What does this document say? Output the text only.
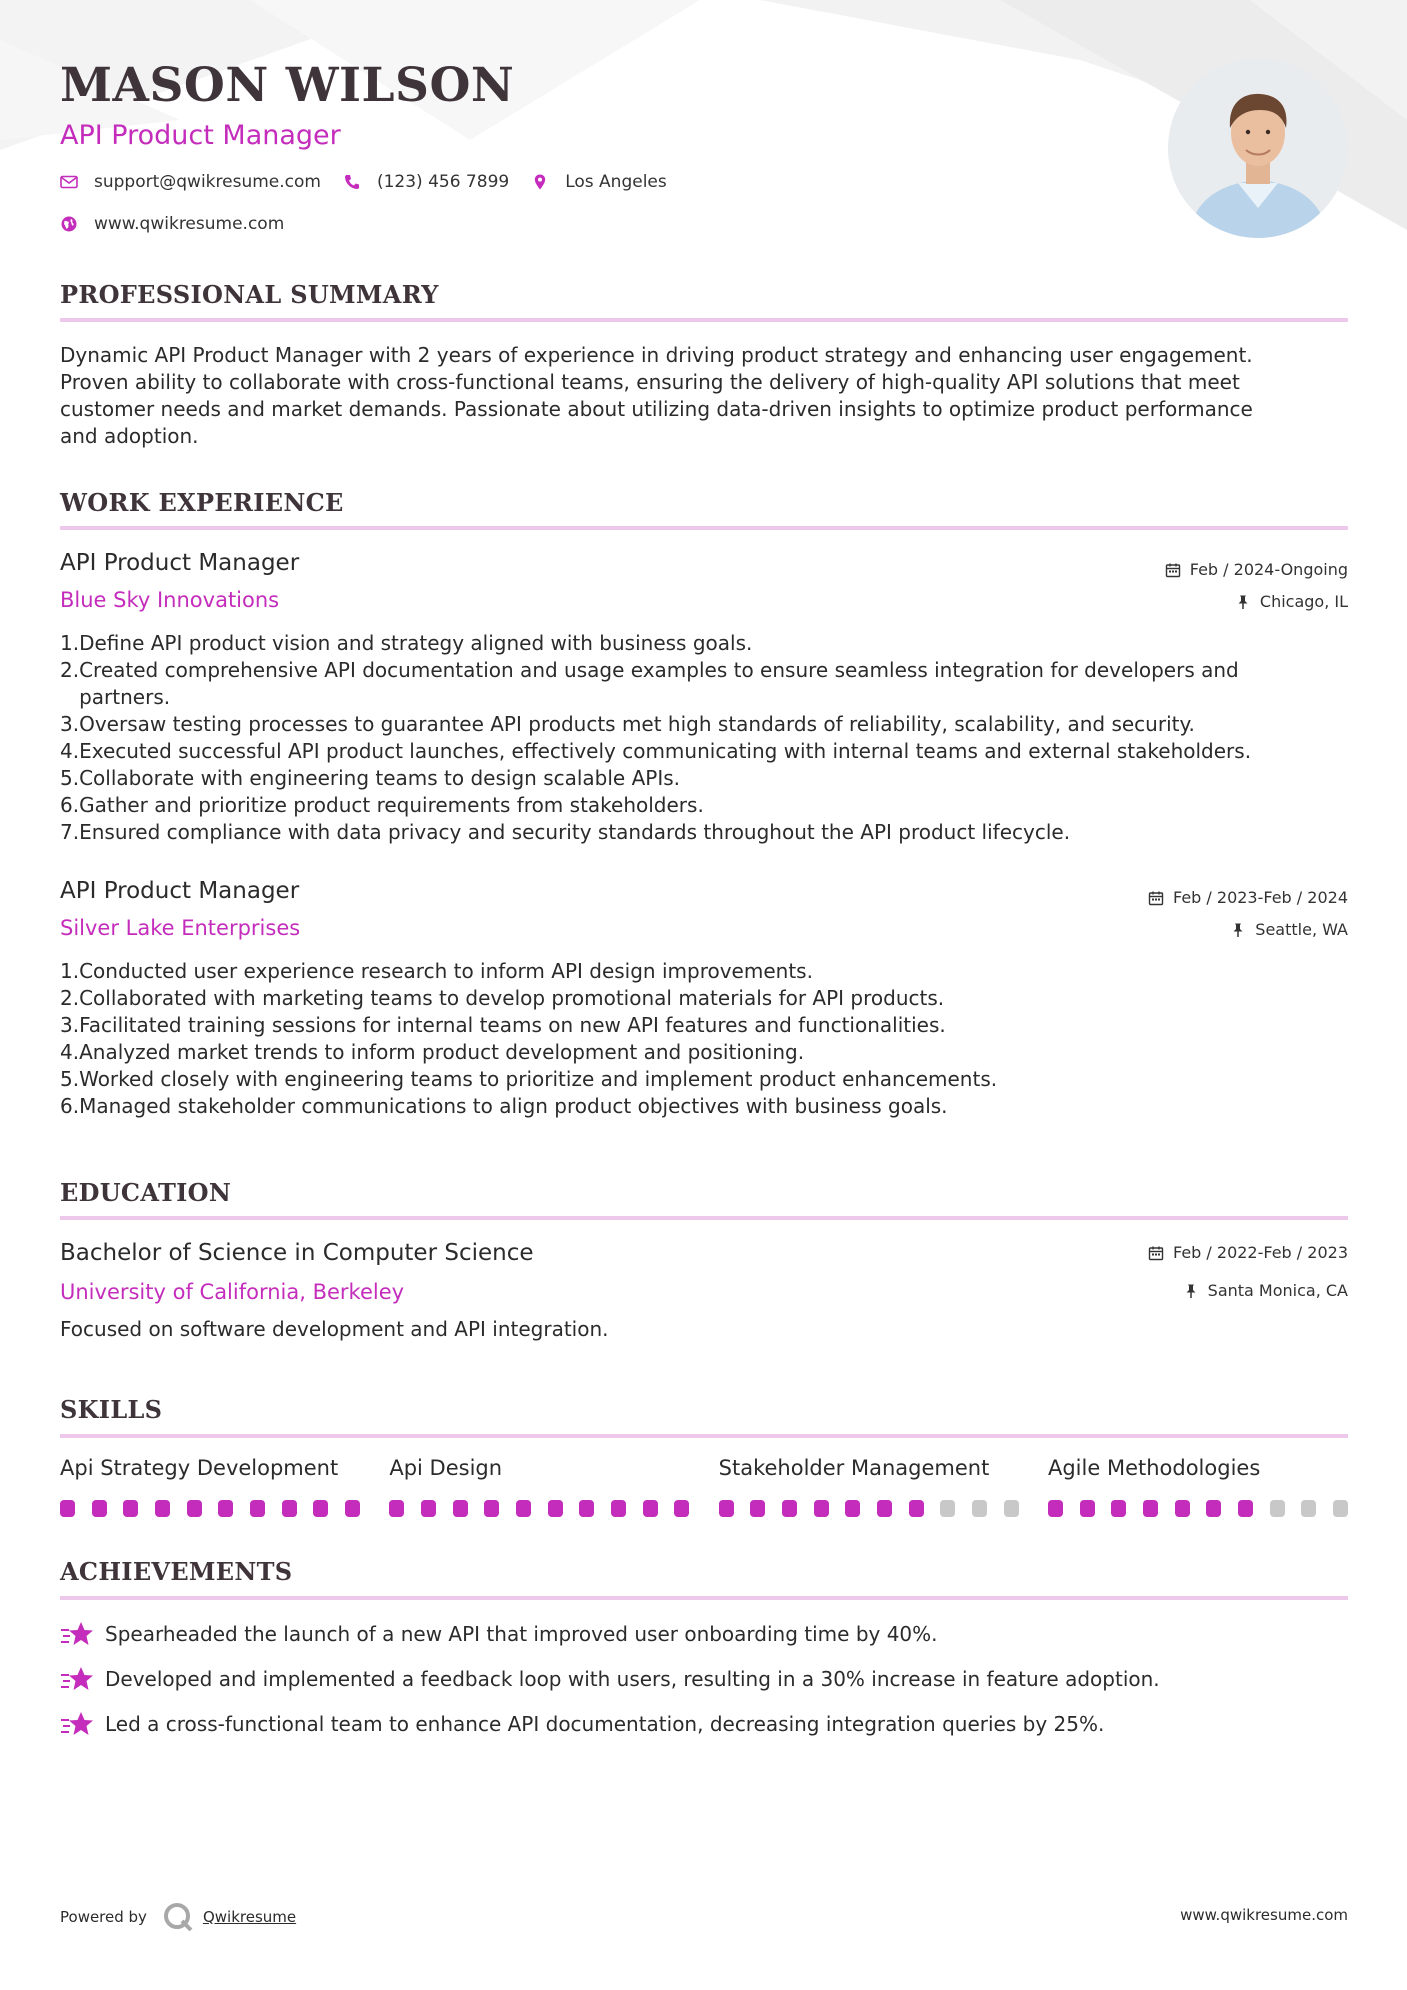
MASON WILSON
API Product Manager
support@qwikresume.com	(123) 456 7899	Los Angeles
www.qwikresume.com
PROFESSIONAL SUMMARY
Dynamic API Product Manager with 2 years of experience in driving product strategy and enhancing user engagement.
Proven ability to collaborate with cross-functional teams, ensuring the delivery of high-quality API solutions that meet
customer needs and market demands. Passionate about utilizing data-driven insights to optimize product performance
and adoption.
WORK EXPERIENCE
API Product Manager
Blue Sky Innovations
Feb / 2024-Ongoing
Chicago, IL
1. Define API product vision and strategy aligned with business goals.
2. Created comprehensive API documentation and usage examples to ensure seamless integration for developers and
partners.
3. Oversaw testing processes to guarantee API products met high standards of reliability, scalability, and security.
4. Executed successful API product launches, effectively communicating with internal teams and external stakeholders.
5. Collaborate with engineering teams to design scalable APIs.
6. Gather and prioritize product requirements from stakeholders.
7. Ensured compliance with data privacy and security standards throughout the API product lifecycle.
API Product Manager
Silver Lake Enterprises
Feb / 2023-Feb / 2024
Seattle, WA
1. Conducted user experience research to inform API design improvements.
2. Collaborated with marketing teams to develop promotional materials for API products.
3. Facilitated training sessions for internal teams on new API features and functionalities.
4. Analyzed market trends to inform product development and positioning.
5. Worked closely with engineering teams to prioritize and implement product enhancements.
6. Managed stakeholder communications to align product objectives with business goals.
EDUCATION
Bachelor of Science in Computer Science
University of California, Berkeley
Feb / 2022-Feb / 2023
Santa Monica, CA
Focused on software development and API integration.
SKILLS
Api Strategy Development	Api Design	Stakeholder Management	Agile Methodologies
ACHIEVEMENTS
Spearheaded the launch of a new API that improved user onboarding time by 40%.
Developed and implemented a feedback loop with users, resulting in a 30% increase in feature adoption.
Led a cross-functional team to enhance API documentation, decreasing integration queries by 25%.
Powered by	Qwikresume	www.qwikresume.com
